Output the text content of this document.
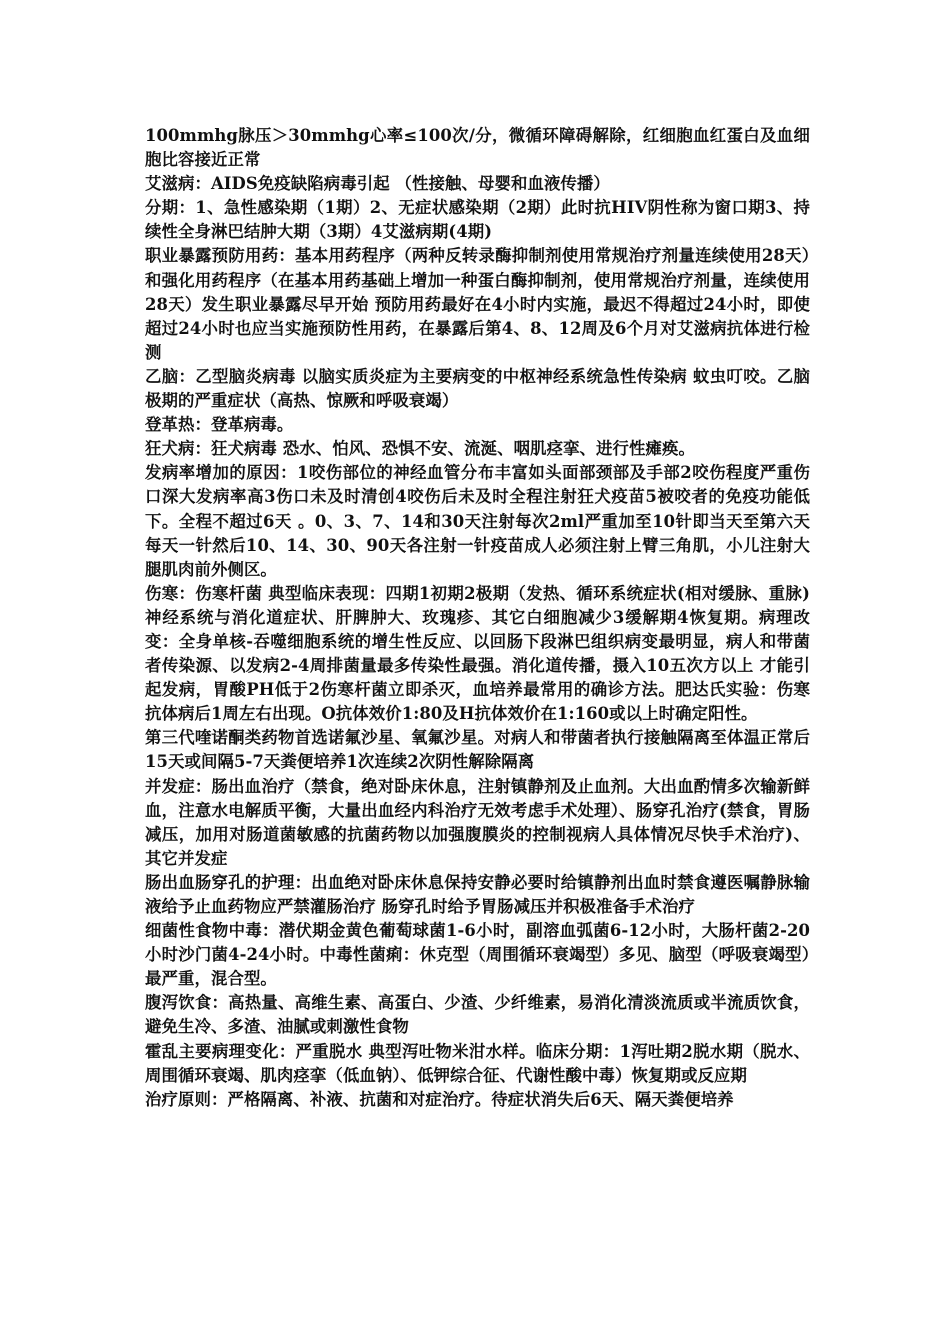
100mmhg脉压＞30mmhg心率≤100次/分，微循环障碍解除，红细胞血红蛋白及血细胞比容接近正常

艾滋病：AIDS免疫缺陷病毒引起 （性接触、母婴和血液传播）

分期：1、急性感染期（1期）2、无症状感染期（2期）此时抗HIV阴性称为窗口期3、持续性全身淋巴结肿大期（3期）4艾滋病期(4期)

职业暴露预防用药：基本用药程序（两种反转录酶抑制剂使用常规治疗剂量连续使用28天）和强化用药程序（在基本用药基础上增加一种蛋白酶抑制剂，使用常规治疗剂量，连续使用28天）发生职业暴露尽早开始 预防用药最好在4小时内实施，最迟不得超过24小时，即使超过24小时也应当实施预防性用药，在暴露后第4、8、12周及6个月对艾滋病抗体进行检测

乙脑：乙型脑炎病毒 以脑实质炎症为主要病变的中枢神经系统急性传染病 蚊虫叮咬。乙脑极期的严重症状（高热、惊厥和呼吸衰竭）

登革热：登革病毒。

狂犬病：狂犬病毒 恐水、怕风、恐惧不安、流涎、咽肌痉挛、进行性瘫痪。

发病率增加的原因：1咬伤部位的神经血管分布丰富如头面部颈部及手部2咬伤程度严重伤口深大发病率高3伤口未及时清创4咬伤后未及时全程注射狂犬疫苗5被咬者的免疫功能低下。全程不超过6天 。0、3、7、14和30天注射每次2ml严重加至10针即当天至第六天每天一针然后10、14、30、90天各注射一针疫苗成人必须注射上臂三角肌，小儿注射大腿肌肉前外侧区。

伤寒：伤寒杆菌 典型临床表现：四期1初期2极期（发热、循环系统症状(相对缓脉、重脉)神经系统与消化道症状、肝脾肿大、玫瑰疹、其它白细胞减少3缓解期4恢复期。病理改变：全身单核-吞噬细胞系统的增生性反应、以回肠下段淋巴组织病变最明显，病人和带菌者传染源、以发病2-4周排菌量最多传染性最强。消化道传播，摄入10五次方以上 才能引起发病，胃酸PH低于2伤寒杆菌立即杀灭，血培养最常用的确诊方法。肥达氏实验：伤寒抗体病后1周左右出现。O抗体效价1:80及H抗体效价在1:160或以上时确定阳性。

第三代喹诺酮类药物首选诺氟沙星、氧氟沙星。对病人和带菌者执行接触隔离至体温正常后15天或间隔5-7天粪便培养1次连续2次阴性解除隔离

并发症：肠出血治疗（禁食，绝对卧床休息，注射镇静剂及止血剂。大出血酌情多次输新鲜血，注意水电解质平衡，大量出血经内科治疗无效考虑手术处理）、肠穿孔治疗(禁食，胃肠减压，加用对肠道菌敏感的抗菌药物以加强腹膜炎的控制视病人具体情况尽快手术治疗)、其它并发症

肠出血肠穿孔的护理：出血绝对卧床休息保持安静必要时给镇静剂出血时禁食遵医嘱静脉输液给予止血药物应严禁灌肠治疗 肠穿孔时给予胃肠减压并积极准备手术治疗

细菌性食物中毒：潜伏期金黄色葡萄球菌1-6小时，副溶血弧菌6-12小时，大肠杆菌2-20小时沙门菌4-24小时。中毒性菌痢：休克型（周围循环衰竭型）多见、脑型（呼吸衰竭型）最严重，混合型。

腹泻饮食：高热量、高维生素、高蛋白、少渣、少纤维素，易消化清淡流质或半流质饮食，避免生冷、多渣、油腻或刺激性食物

霍乱主要病理变化：严重脱水 典型泻吐物米泔水样。临床分期：1泻吐期2脱水期（脱水、周围循环衰竭、肌肉痉挛（低血钠）、低钾综合征、代谢性酸中毒）恢复期或反应期

治疗原则：严格隔离、补液、抗菌和对症治疗。待症状消失后6天、隔天粪便培养
